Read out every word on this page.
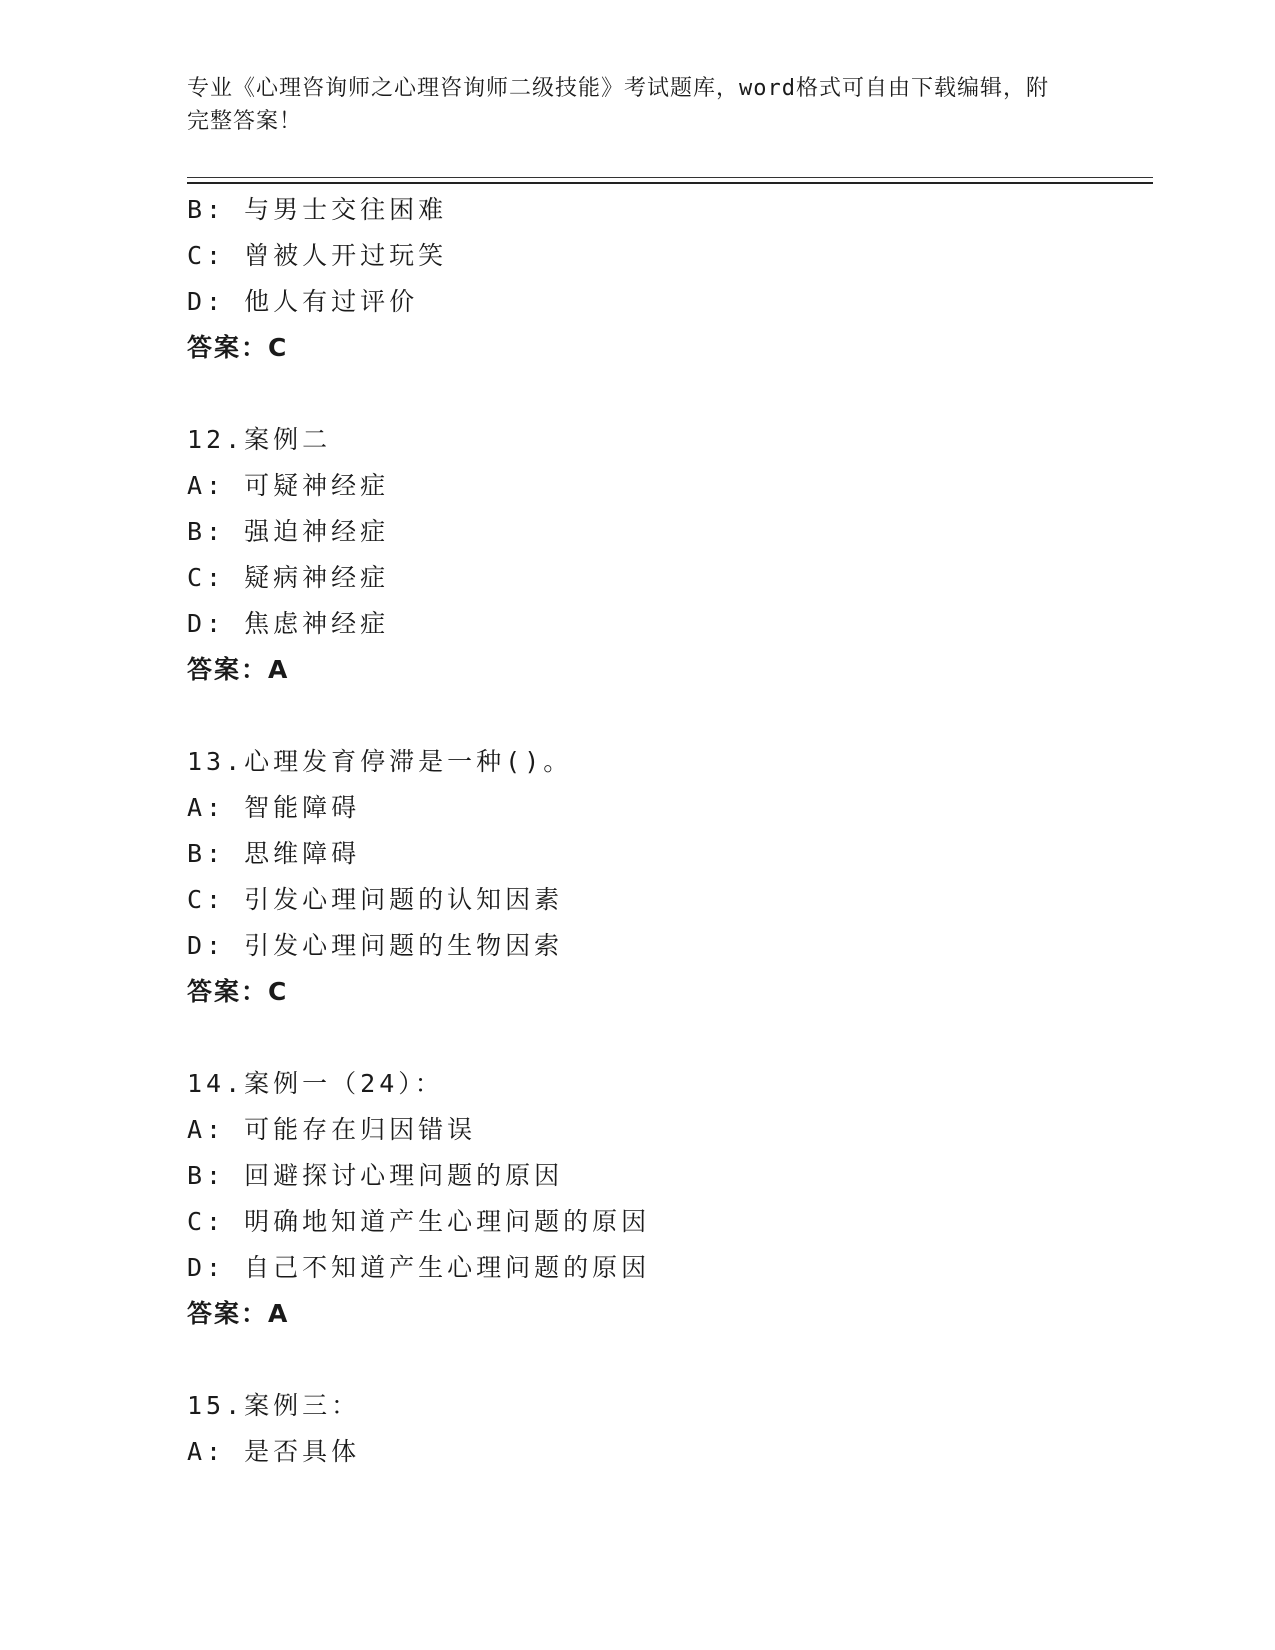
专业《心理咨询师之心理咨询师二级技能》考试题库，word格式可自由下载编辑，附完整答案！
B: 与男士交往困难
C: 曾被人开过玩笑
D: 他人有过评价
答案：C
12.案例二
A: 可疑神经症
B: 强迫神经症
C: 疑病神经症
D: 焦虑神经症
答案：A
13.心理发育停滞是一种()。
A: 智能障碍
B: 思维障碍
C: 引发心理问题的认知因素
D: 引发心理问题的生物因索
答案：C
14.案例一（24）：
A: 可能存在归因错误
B: 回避探讨心理问题的原因
C: 明确地知道产生心理问题的原因
D: 自己不知道产生心理问题的原因
答案：A
15.案例三：
A: 是否具体
